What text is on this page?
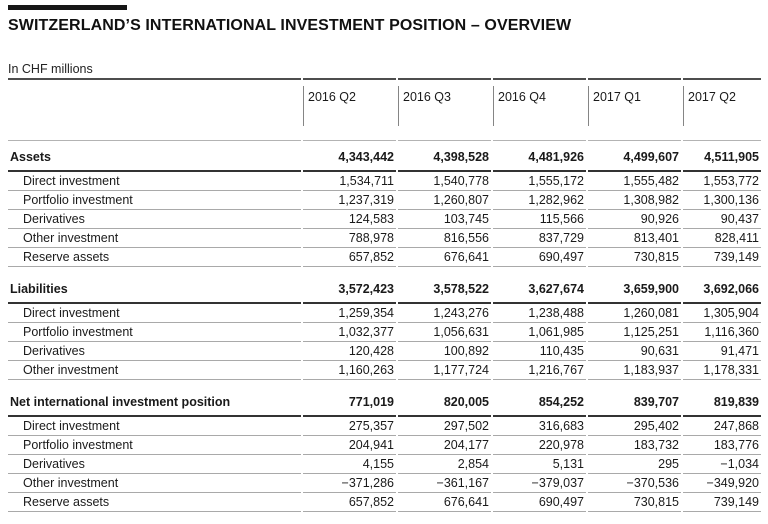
SWITZERLAND’S INTERNATIONAL INVESTMENT POSITION – OVERVIEW
In CHF millions
	2016 Q2	2016 Q3	2016 Q4	2017 Q1	2017 Q2
Assets	4,343,442	4,398,528	4,481,926	4,499,607	4,511,905
Direct investment	1,534,711	1,540,778	1,555,172	1,555,482	1,553,772
Portfolio investment	1,237,319	1,260,807	1,282,962	1,308,982	1,300,136
Derivatives	124,583	103,745	115,566	90,926	90,437
Other investment	788,978	816,556	837,729	813,401	828,411
Reserve assets	657,852	676,641	690,497	730,815	739,149
Liabilities	3,572,423	3,578,522	3,627,674	3,659,900	3,692,066
Direct investment	1,259,354	1,243,276	1,238,488	1,260,081	1,305,904
Portfolio investment	1,032,377	1,056,631	1,061,985	1,125,251	1,116,360
Derivatives	120,428	100,892	110,435	90,631	91,471
Other investment	1,160,263	1,177,724	1,216,767	1,183,937	1,178,331
Net international investment position	771,019	820,005	854,252	839,707	819,839
Direct investment	275,357	297,502	316,683	295,402	247,868
Portfolio investment	204,941	204,177	220,978	183,732	183,776
Derivatives	4,155	2,854	5,131	295	−1,034
Other investment	−371,286	−361,167	−379,037	−370,536	−349,920
Reserve assets	657,852	676,641	690,497	730,815	739,149
